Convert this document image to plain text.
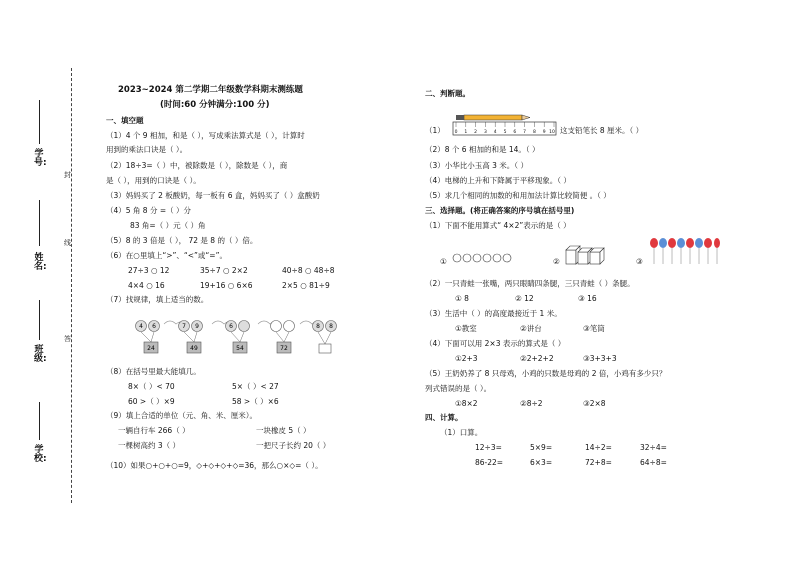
学号:
姓名:
班级:
学校:
封
线
答
2023~2024 第二学期二年级数学科期末测练题
(时间:60 分钟满分:100 分)
一、填空题
（1）4 个 9 相加，和是（ ），写成乘法算式是（ ），计算时
用到的乘法口诀是（ ）。
（2）18÷3=（ ）中，被除数是（ ），除数是（ ），商
是（ ），用到的口诀是（ ）。
（3）妈妈买了 2 板酸奶，每一板有 6 盒，妈妈买了（ ）盒酸奶
（4）5 角 8 分 =（ ）分
83 角=（ ）元（ ）角
（5）8 的 3 倍是（ ）， 72 是 8 的（ ）倍。
（6）在○里填上“>”、“<”或“=”。
27÷3 ○ 12	35÷7 ○ 2×2	40÷8 ○ 48÷8
4×4 ○ 16	19+16 ○ 6×6	2×5 ○ 81÷9
（7）找规律，填上适当的数。
4 6
24
7 9
49
6
54	72
8 8
（8）在括号里最大能填几。
8×（ ）< 70	5×（ ）< 27
60 >（ ）×9	58 >（ ）×6
（9）填上合适的单位（元、角、米、厘米）。
一辆自行车 266（ ）	一块橡皮 5（ ）
一棵树高约 3（ ）	一把尺子长约 20（ ）
（10）如果○+○+○=9，◇+◇+◇+◇=36，那么○×◇=（ ）。
二、判断题。
（1） 0 1 2 3 4 5 6 7 8 9 10 这支铅笔长 8 厘米。（ ）
（2）8 个 6 相加的和是 14。（ ）
（3）小华比小玉高 3 米。（ ）
（4）电梯的上升和下降属于平移现象。（ ）
（5）求几个相同的加数的和用加法计算比较简便 。（ ）
三、选择题。(将正确答案的序号填在括号里)
（1）下面不能用算式“ 4×2”表示的是（ ）
①	②	③
（2）一只青蛙一张嘴，两只眼睛四条腿，三只青蛙（ ）条腿。
① 8	② 12	③ 16
（3）生活中（ ）的高度最接近于 1 米。
①教室	②讲台	③笔筒
（4）下面可以用 2×3 表示的算式是（ ）
①2+3	②2+2+2	③3+3+3
（5）王奶奶养了 8 只母鸡，小鸡的只数是母鸡的 2 倍，小鸡有多少只？
列式错误的是（ ）。
①8×2	②8÷2	③2×8
四、计算。
（1）口算。
12÷3=	5×9=	14÷2=	32÷4=
86-22=	6×3=	72+8=	64÷8=
